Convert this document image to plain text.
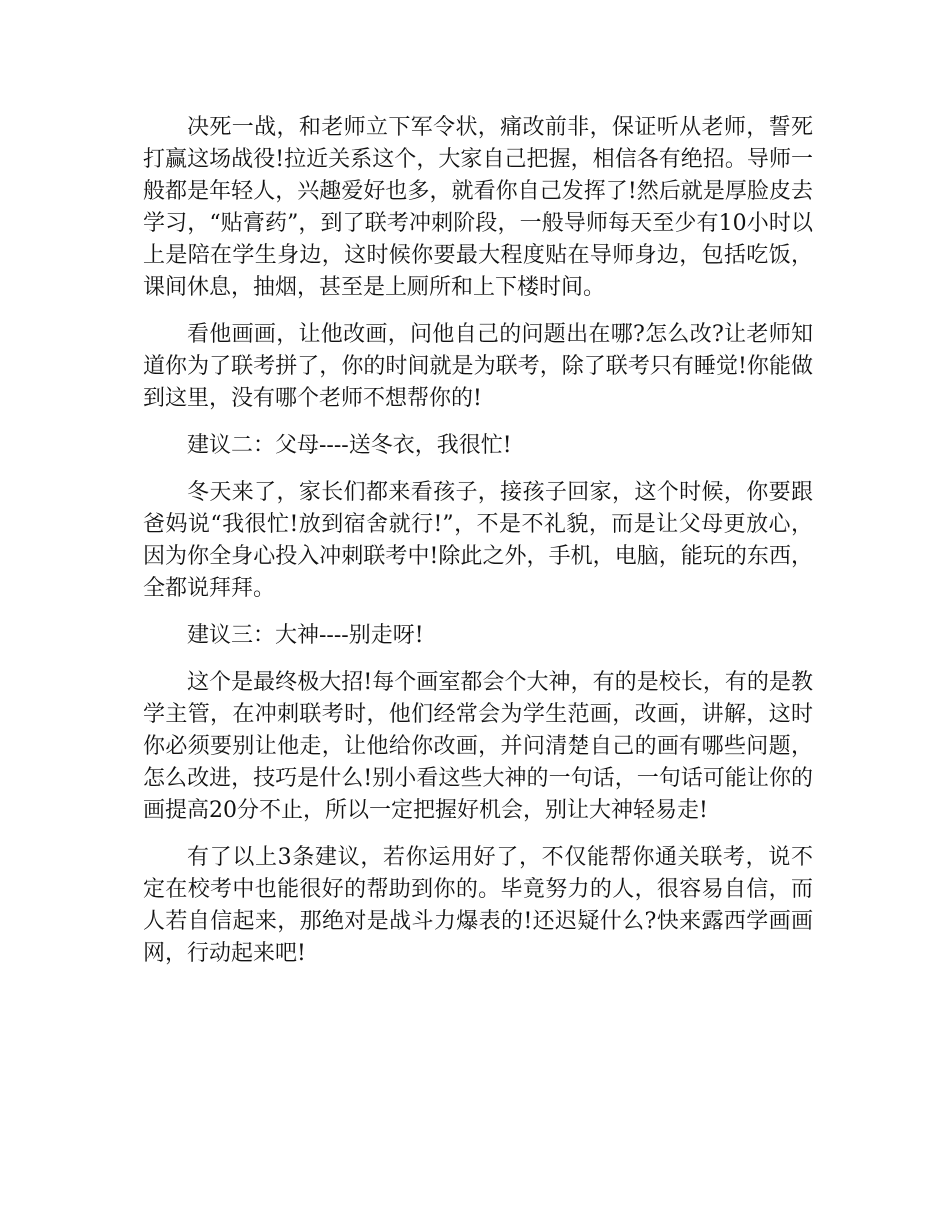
决死一战，和老师立下军令状，痛改前非，保证听从老师，誓死打赢这场战役!拉近关系这个，大家自己把握，相信各有绝招。导师一般都是年轻人，兴趣爱好也多，就看你自己发挥了!然后就是厚脸皮去学习，“贴膏药”，到了联考冲刺阶段，一般导师每天至少有10小时以上是陪在学生身边，这时候你要最大程度贴在导师身边，包括吃饭，课间休息，抽烟，甚至是上厕所和上下楼时间。

看他画画，让他改画，问他自己的问题出在哪?怎么改?让老师知道你为了联考拼了，你的时间就是为联考，除了联考只有睡觉!你能做到这里，没有哪个老师不想帮你的!

建议二：父母----送冬衣，我很忙!

冬天来了，家长们都来看孩子，接孩子回家，这个时候，你要跟爸妈说“我很忙!放到宿舍就行!”，不是不礼貌，而是让父母更放心，因为你全身心投入冲刺联考中!除此之外，手机，电脑，能玩的东西，全都说拜拜。

建议三：大神----别走呀!

这个是最终极大招!每个画室都会个大神，有的是校长，有的是教学主管，在冲刺联考时，他们经常会为学生范画，改画，讲解，这时你必须要别让他走，让他给你改画，并问清楚自己的画有哪些问题，怎么改进，技巧是什么!别小看这些大神的一句话，一句话可能让你的画提高20分不止，所以一定把握好机会，别让大神轻易走!

有了以上3条建议，若你运用好了，不仅能帮你通关联考，说不定在校考中也能很好的帮助到你的。毕竟努力的人，很容易自信，而人若自信起来，那绝对是战斗力爆表的!还迟疑什么?快来露西学画画网，行动起来吧!
